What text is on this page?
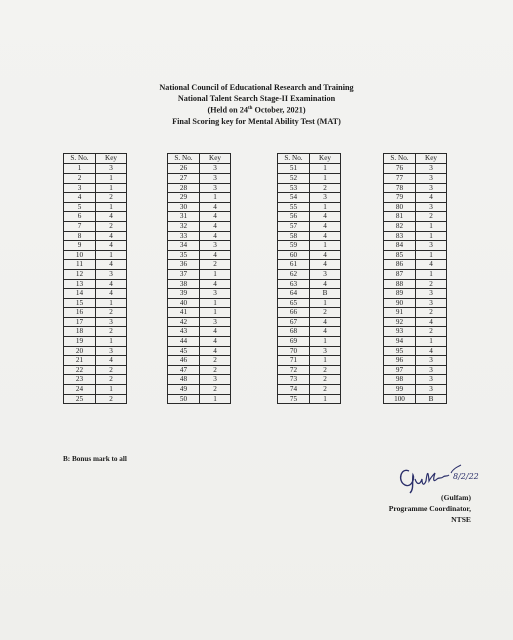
National Council of Educational Research and Training
National Talent Search Stage-II Examination
(Held on 24th October, 2021)
Final Scoring key for Mental Ability Test (MAT)
S. No.	Key
1	3
2	1
3	1
4	2
5	1
6	4
7	2
8	4
9	4
10	1
11	4
12	3
13	4
14	4
15	1
16	2
17	3
18	2
19	1
20	3
21	4
22	2
23	2
24	1
25	2
S. No.	Key
26	3
27	3
28	3
29	1
30	4
31	4
32	4
33	4
34	3
35	4
36	2
37	1
38	4
39	3
40	1
41	1
42	3
43	4
44	4
45	4
46	2
47	2
48	3
49	2
50	1
S. No.	Key
51	1
52	1
53	2
54	3
55	1
56	4
57	4
58	4
59	1
60	4
61	4
62	3
63	4
64	B
65	1
66	2
67	4
68	4
69	1
70	3
71	1
72	2
73	2
74	2
75	1
S. No.	Key
76	3
77	3
78	3
79	4
80	3
81	2
82	1
83	1
84	3
85	1
86	4
87	1
88	2
89	3
90	3
91	2
92	4
93	2
94	1
95	4
96	3
97	3
98	3
99	3
100	B
B: Bonus mark to all
8/2/22
(Gulfam)
Programme Coordinator,
NTSE
